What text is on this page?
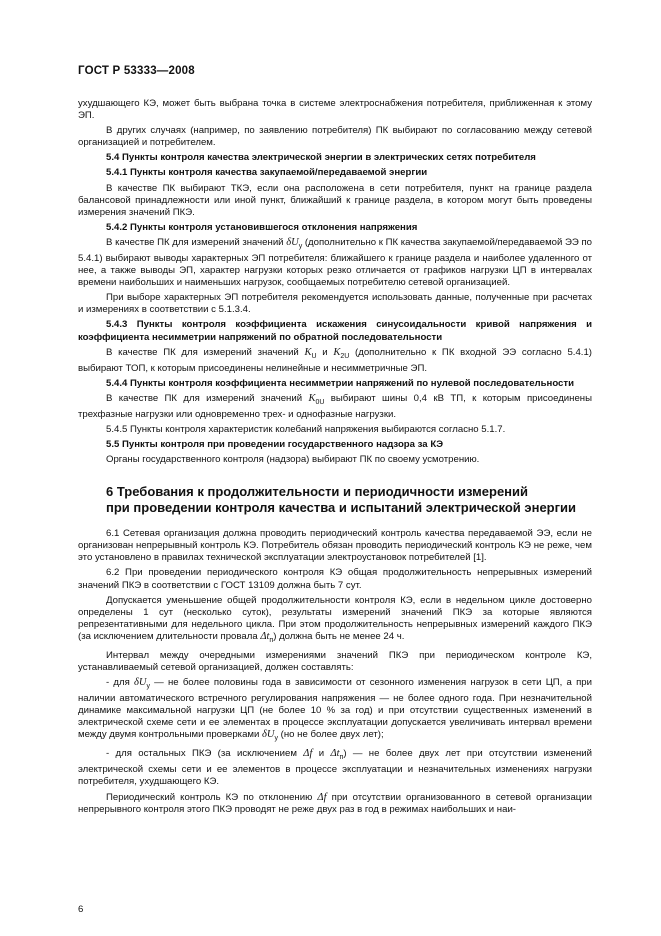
ГОСТ Р 53333—2008

ухудшающего КЭ, может быть выбрана точка в системе электроснабжения потребителя, приближенная к этому ЭП.

В других случаях (например, по заявлению потребителя) ПК выбирают по согласованию между сетевой организацией и потребителем.

5.4 Пункты контроля качества электрической энергии в электрических сетях потребителя

5.4.1 Пункты контроля качества закупаемой/передаваемой энергии

В качестве ПК выбирают ТКЭ, если она расположена в сети потребителя, пункт на границе раздела балансовой принадлежности или иной пункт, ближайший к границе раздела, в котором могут быть проведены измерения значений ПКЭ.

5.4.2 Пункты контроля установившегося отклонения напряжения

В качестве ПК для измерений значений $\delta U_y$ (дополнительно к ПК качества закупаемой/передаваемой ЭЭ по 5.4.1) выбирают выводы характерных ЭП потребителя: ближайшего к границе раздела и наиболее удаленного от нее, а также выводы ЭП, характер нагрузки которых резко отличается от графиков нагрузки ЦП в интервалах времени наибольших и наименьших нагрузок, сообщаемых потребителю сетевой организацией.

При выборе характерных ЭП потребителя рекомендуется использовать данные, полученные при расчетах и измерениях в соответствии с 5.1.3.4.

5.4.3 Пункты контроля коэффициента искажения синусоидальности кривой напряжения и коэффициента несимметрии напряжений по обратной последовательности

В качестве ПК для измерений значений $K_U$ и $K_{2U}$ (дополнительно к ПК входной ЭЭ согласно 5.4.1) выбирают ТОП, к которым присоединены нелинейные и несимметричные ЭП.

5.4.4 Пункты контроля коэффициента несимметрии напряжений по нулевой последовательности

В качестве ПК для измерений значений $K_{0U}$ выбирают шины 0,4 кВ ТП, к которым присоединены трехфазные нагрузки или одновременно трех- и однофазные нагрузки.

5.4.5 Пункты контроля характеристик колебаний напряжения выбираются согласно 5.1.7.

5.5 Пункты контроля при проведении государственного надзора за КЭ

Органы государственного контроля (надзора) выбирают ПК по своему усмотрению.

6 Требования к продолжительности и периодичности измерений
при проведении контроля качества и испытаний электрической энергии

6.1 Сетевая организация должна проводить периодический контроль качества передаваемой ЭЭ, если не организован непрерывный контроль КЭ. Потребитель обязан проводить периодический контроль КЭ не реже, чем это установлено в правилах технической эксплуатации электроустановок потребителей [1].

6.2 При проведении периодического контроля КЭ общая продолжительность непрерывных измерений значений ПКЭ в соответствии с ГОСТ 13109 должна быть 7 сут.

Допускается уменьшение общей продолжительности контроля КЭ, если в недельном цикле достоверно определены 1 сут (несколько суток), результаты измерений значений ПКЭ за которые являются репрезентативными для недельного цикла. При этом продолжительность непрерывных измерений каждого ПКЭ (за исключением длительности провала $\Delta t_п$) должна быть не менее 24 ч.

Интервал между очередными измерениями значений ПКЭ при периодическом контроле КЭ, устанавливаемый сетевой организацией, должен составлять:

- для $\delta U_y$ — не более половины года в зависимости от сезонного изменения нагрузок в сети ЦП, а при наличии автоматического встречного регулирования напряжения — не более одного года. При незначительной динамике максимальной нагрузки ЦП (не более 10 % за год) и при отсутствии существенных изменений в электрической схеме сети и ее элементах в процессе эксплуатации допускается увеличивать интервал времени между двумя контрольными проверками $\delta U_y$ (но не более двух лет);

- для остальных ПКЭ (за исключением Δf и $\Delta t_п$) — не более двух лет при отсутствии изменений электрической схемы сети и ее элементов в процессе эксплуатации и незначительных изменениях нагрузки потребителя, ухудшающего КЭ.

Периодический контроль КЭ по отклонению Δf при отсутствии организованного в сетевой организации непрерывного контроля этого ПКЭ проводят не реже двух раз в год в режимах наибольших и наи-

6
